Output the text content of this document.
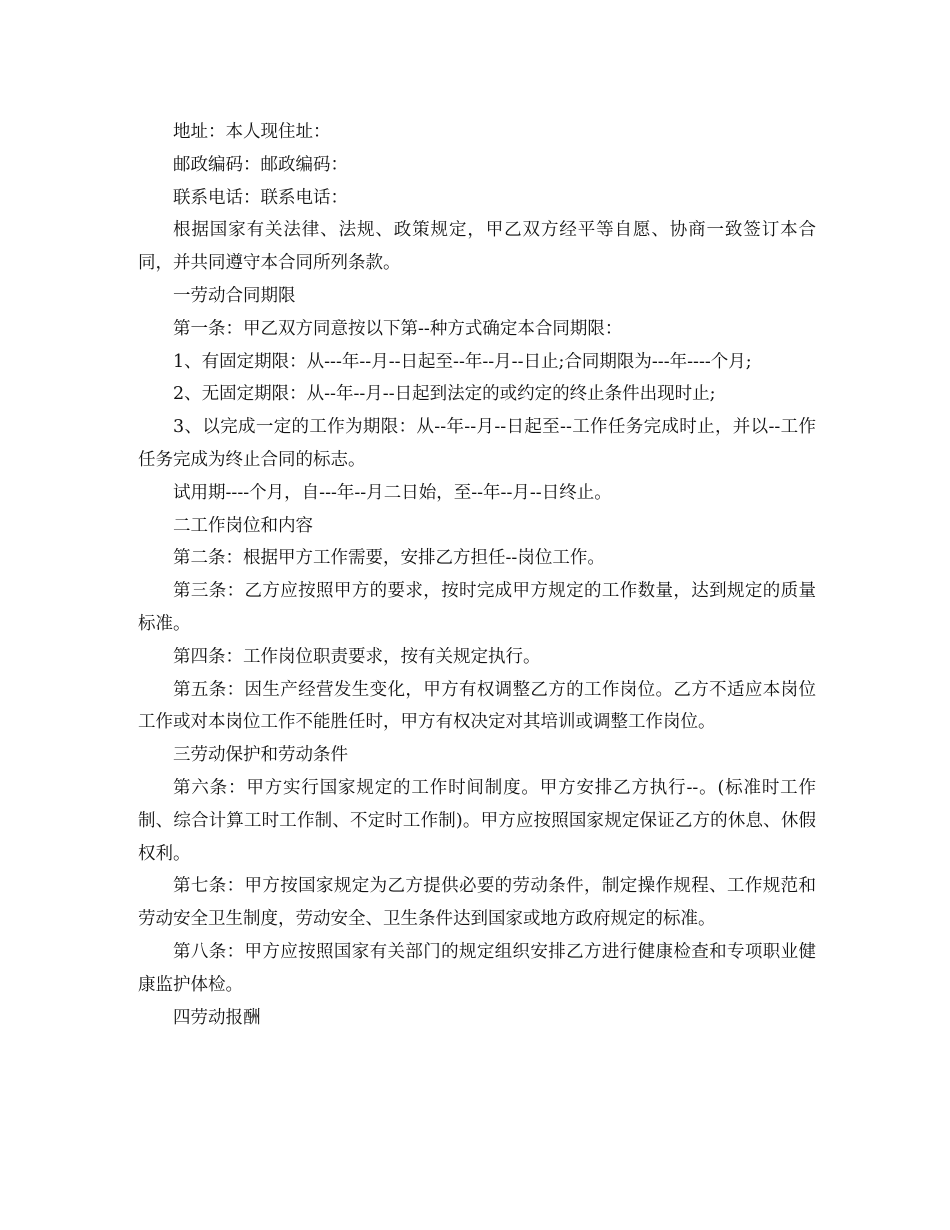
地址：本人现住址：

邮政编码：邮政编码：

联系电话：联系电话：

根据国家有关法律、法规、政策规定，甲乙双方经平等自愿、协商一致签订本合同，并共同遵守本合同所列条款。

一劳动合同期限

第一条：甲乙双方同意按以下第--种方式确定本合同期限：

1、有固定期限：从---年--月--日起至--年--月--日止;合同期限为---年----个月;

2、无固定期限：从--年--月--日起到法定的或约定的终止条件出现时止;

3、以完成一定的工作为期限：从--年--月--日起至--工作任务完成时止，并以--工作任务完成为终止合同的标志。

试用期----个月，自---年--月二日始，至--年--月--日终止。

二工作岗位和内容

第二条：根据甲方工作需要，安排乙方担任--岗位工作。

第三条：乙方应按照甲方的要求，按时完成甲方规定的工作数量，达到规定的质量标准。

第四条：工作岗位职责要求，按有关规定执行。

第五条：因生产经营发生变化，甲方有权调整乙方的工作岗位。乙方不适应本岗位工作或对本岗位工作不能胜任时，甲方有权决定对其培训或调整工作岗位。

三劳动保护和劳动条件

第六条：甲方实行国家规定的工作时间制度。甲方安排乙方执行--。(标准时工作制、综合计算工时工作制、不定时工作制)。甲方应按照国家规定保证乙方的休息、休假权利。

第七条：甲方按国家规定为乙方提供必要的劳动条件，制定操作规程、工作规范和劳动安全卫生制度，劳动安全、卫生条件达到国家或地方政府规定的标准。

第八条：甲方应按照国家有关部门的规定组织安排乙方进行健康检查和专项职业健康监护体检。

四劳动报酬
